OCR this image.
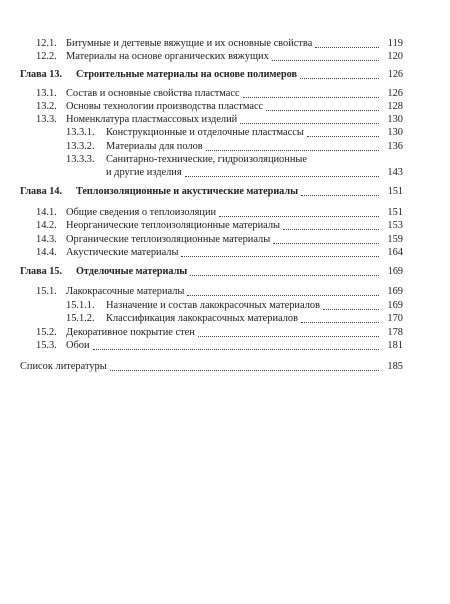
12.1. Битумные и дегтевые вяжущие и их основные свойства	119
12.2. Материалы на основе органических вяжущих	120
Глава 13.	Строительные материалы на основе полимеров	126
13.1. Состав и основные свойства пластмасс	126
13.2. Основы технологии производства пластмасс	128
13.3. Номенклатура пластмассовых изделий	130
13.3.1.	Конструкционные и отделочные пластмассы	130
13.3.2.	Материалы для полов	136
13.3.3.	Санитарно-технические, гидроизоляционные
и другие изделия	143
Глава 14.	Теплоизоляционные и акустические материалы	151
14.1. Общие сведения о теплоизоляции	151
14.2. Неорганические теплоизоляционные материалы	153
14.3. Органические теплоизоляционные материалы	159
14.4. Акустические материалы	164
Глава 15.	Отделочные материалы	169
15.1. Лакокрасочные материалы	169
15.1.1.	Назначение и состав лакокрасочных материалов	169
15.1.2.	Классификация лакокрасочных материалов	170
15.2. Декоративное покрытие стен	178
15.3. Обои	181
Список литературы	185
